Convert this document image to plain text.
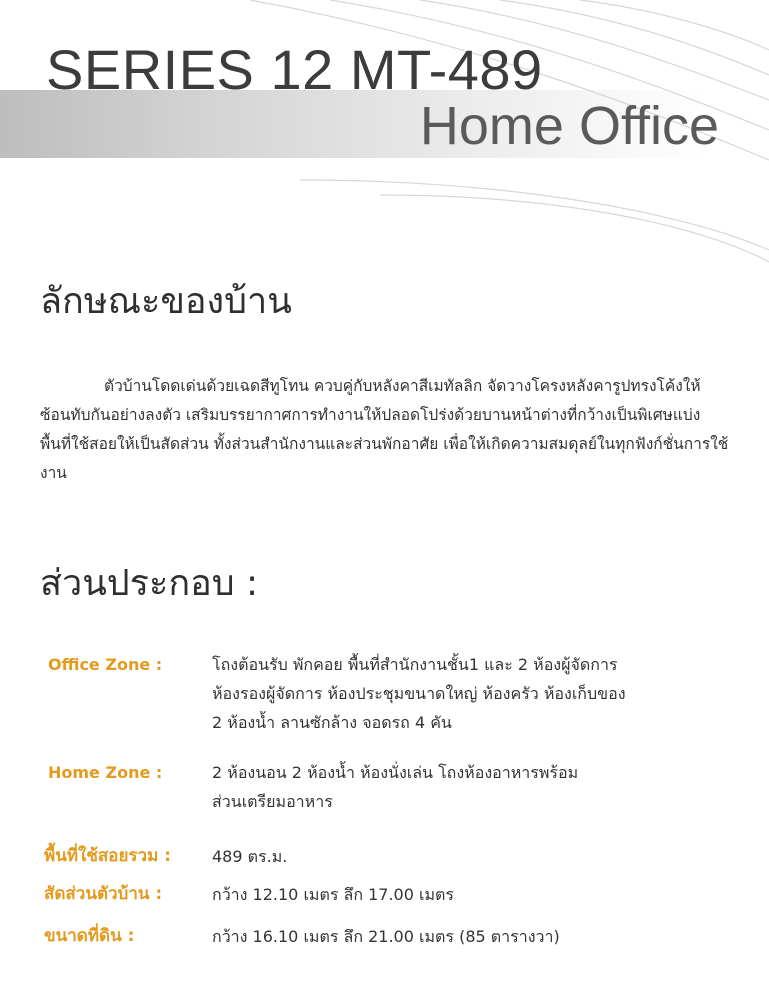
SERIES 12 MT-489
Home Office
ลักษณะของบ้าน

ตัวบ้านโดดเด่นด้วยเฉดสีทูโทน ควบคู่กับหลังคาสีเมทัลลิก จัดวางโครงหลังคารูปทรงโค้งให้ซ้อนทับกันอย่างลงตัว เสริมบรรยากาศการทำงานให้ปลอดโปร่งด้วยบานหน้าต่างที่กว้างเป็นพิเศษแบ่งพื้นที่ใช้สอยให้เป็นสัดส่วน ทั้งส่วนสำนักงานและส่วนพักอาศัย เพื่อให้เกิดความสมดุลย์ในทุกฟังก์ชั่นการใช้งาน

ส่วนประกอบ :
Office Zone :	โถงต้อนรับ พักคอย พื้นที่สำนักงานชั้น1 และ 2 ห้องผู้จัดการ
ห้องรองผู้จัดการ ห้องประชุมขนาดใหญ่ ห้องครัว ห้องเก็บของ
2 ห้องน้ำ ลานซักล้าง จอดรถ 4 คัน
Home Zone :	2 ห้องนอน 2 ห้องน้ำ ห้องนั่งเล่น โถงห้องอาหารพร้อม
ส่วนเตรียมอาหาร
พื้นที่ใช้สอยรวม :	489 ตร.ม.
สัดส่วนตัวบ้าน :	กว้าง 12.10 เมตร ลึก 17.00 เมตร
ขนาดที่ดิน :	กว้าง 16.10 เมตร ลึก 21.00 เมตร (85 ตารางวา)
